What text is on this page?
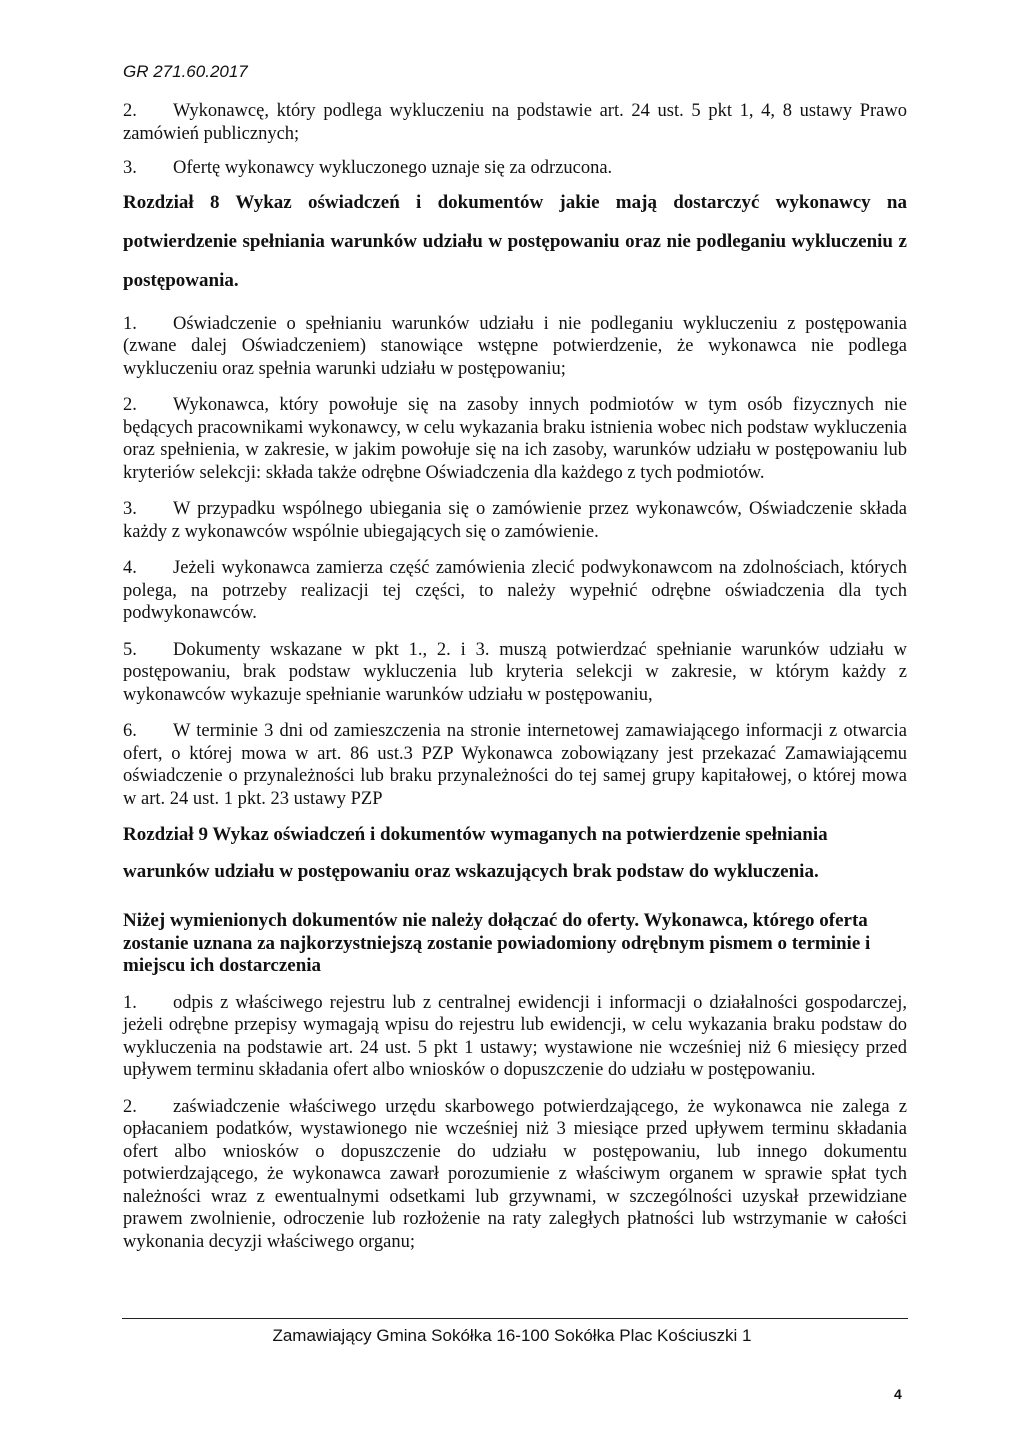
GR 271.60.2017

2. Wykonawcę, który podlega wykluczeniu na podstawie art. 24 ust. 5 pkt 1, 4, 8 ustawy Prawo zamówień publicznych;

3. Ofertę wykonawcy wykluczonego uznaje się za odrzucona.

Rozdział 8 Wykaz oświadczeń i dokumentów jakie mają dostarczyć wykonawcy na potwierdzenie spełniania warunków udziału w postępowaniu oraz nie podleganiu wykluczeniu z postępowania.

1. Oświadczenie o spełnianiu warunków udziału i nie podleganiu wykluczeniu z postępowania (zwane dalej Oświadczeniem) stanowiące wstępne potwierdzenie, że wykonawca nie podlega wykluczeniu oraz spełnia warunki udziału w postępowaniu;

2. Wykonawca, który powołuje się na zasoby innych podmiotów w tym osób fizycznych nie będących pracownikami wykonawcy, w celu wykazania braku istnienia wobec nich podstaw wykluczenia oraz spełnienia, w zakresie, w jakim powołuje się na ich zasoby, warunków udziału w postępowaniu lub kryteriów selekcji: składa także odrębne Oświadczenia dla każdego z tych podmiotów.

3. W przypadku wspólnego ubiegania się o zamówienie przez wykonawców, Oświadczenie składa każdy z wykonawców wspólnie ubiegających się o zamówienie.

4. Jeżeli wykonawca zamierza część zamówienia zlecić podwykonawcom na zdolnościach, których polega, na potrzeby realizacji tej części, to należy wypełnić odrębne oświadczenia dla tych podwykonawców.

5. Dokumenty wskazane w pkt 1., 2. i 3. muszą potwierdzać spełnianie warunków udziału w postępowaniu, brak podstaw wykluczenia lub kryteria selekcji w zakresie, w którym każdy z wykonawców wykazuje spełnianie warunków udziału w postępowaniu,

6. W terminie 3 dni od zamieszczenia na stronie internetowej zamawiającego informacji z otwarcia ofert, o której mowa w art. 86 ust.3 PZP Wykonawca zobowiązany jest przekazać Zamawiającemu oświadczenie o przynależności lub braku przynależności do tej samej grupy kapitałowej, o której mowa w art. 24 ust. 1 pkt. 23 ustawy PZP

Rozdział 9 Wykaz oświadczeń i dokumentów wymaganych na potwierdzenie spełniania warunków udziału w postępowaniu oraz wskazujących brak podstaw do wykluczenia.

Niżej wymienionych dokumentów nie należy dołączać do oferty. Wykonawca, którego oferta zostanie uznana za najkorzystniejszą zostanie powiadomiony odrębnym pismem o terminie i miejscu ich dostarczenia

1. odpis z właściwego rejestru lub z centralnej ewidencji i informacji o działalności gospodarczej, jeżeli odrębne przepisy wymagają wpisu do rejestru lub ewidencji, w celu wykazania braku podstaw do wykluczenia na podstawie art. 24 ust. 5 pkt 1 ustawy; wystawione nie wcześniej niż 6 miesięcy przed upływem terminu składania ofert albo wniosków o dopuszczenie do udziału w postępowaniu.

2. zaświadczenie właściwego urzędu skarbowego potwierdzającego, że wykonawca nie zalega z opłacaniem podatków, wystawionego nie wcześniej niż 3 miesiące przed upływem terminu składania ofert albo wniosków o dopuszczenie do udziału w postępowaniu, lub innego dokumentu potwierdzającego, że wykonawca zawarł porozumienie z właściwym organem w sprawie spłat tych należności wraz z ewentualnymi odsetkami lub grzywnami, w szczególności uzyskał przewidziane prawem zwolnienie, odroczenie lub rozłożenie na raty zaległych płatności lub wstrzymanie w całości wykonania decyzji właściwego organu;

Zamawiający Gmina Sokółka 16-100 Sokółka Plac Kościuszki 1
4
